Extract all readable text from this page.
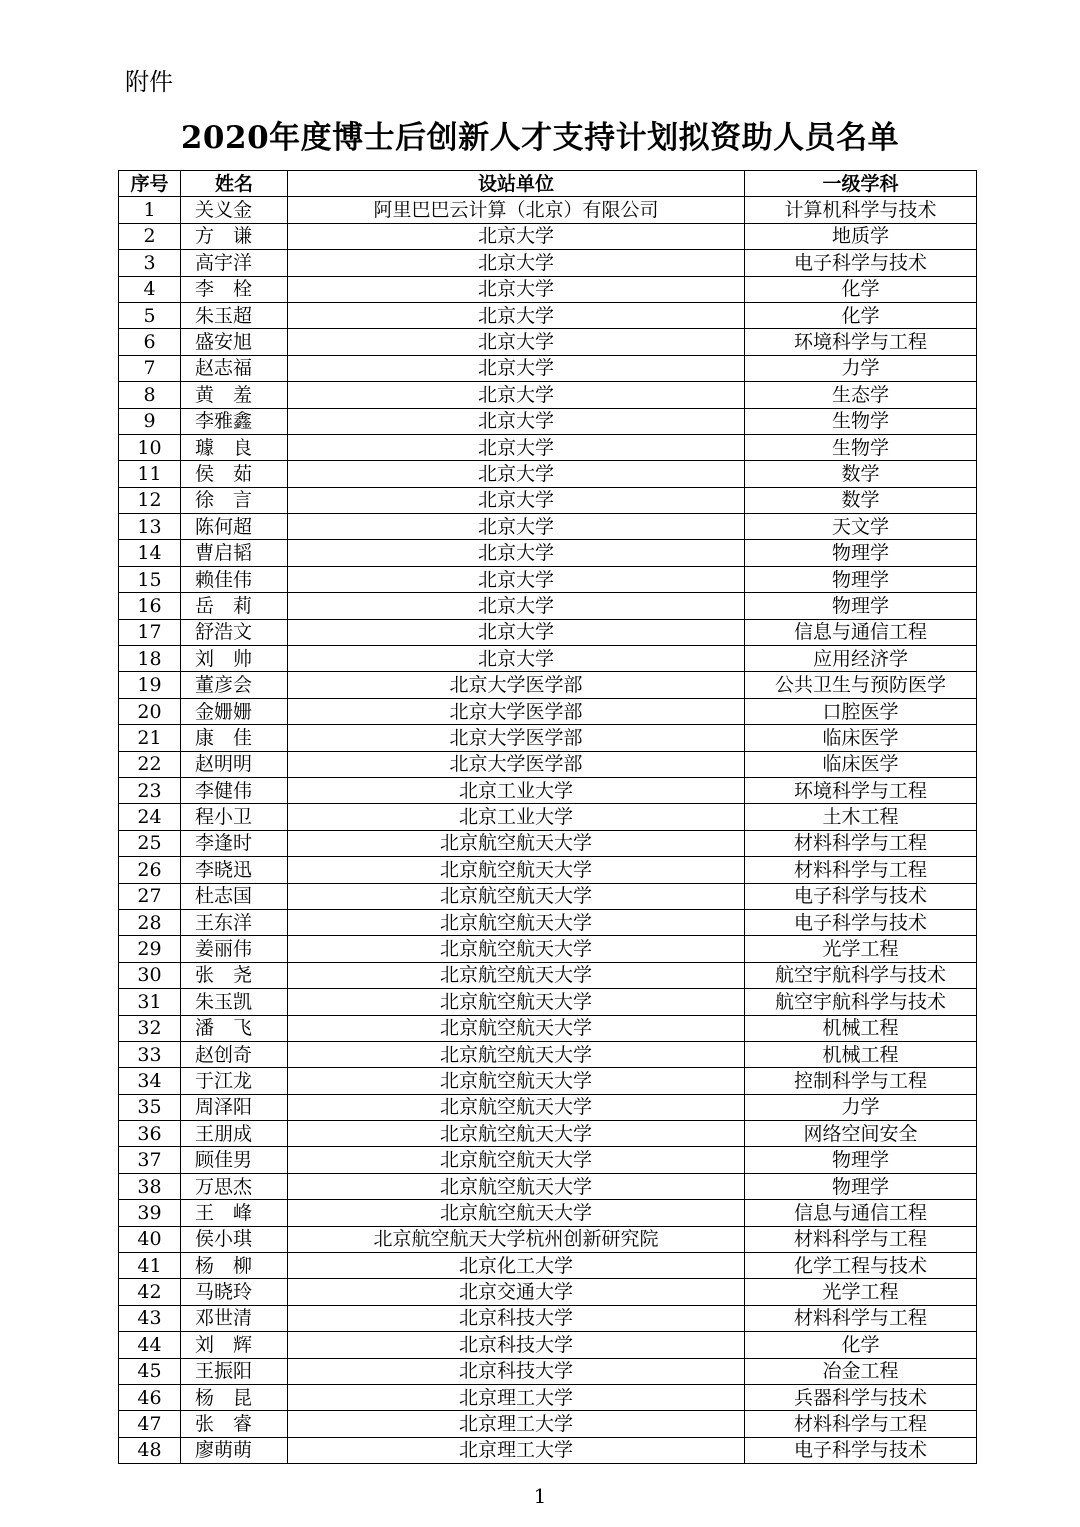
附件
2020年度博士后创新人才支持计划拟资助人员名单
序号	姓名	设站单位	一级学科
1	关义金	阿里巴巴云计算（北京）有限公司	计算机科学与技术
2	方　谦	北京大学	地质学
3	高宇洋	北京大学	电子科学与技术
4	李　栓	北京大学	化学
5	朱玉超	北京大学	化学
6	盛安旭	北京大学	环境科学与工程
7	赵志福	北京大学	力学
8	黄　羞	北京大学	生态学
9	李雅鑫	北京大学	生物学
10	璩　良	北京大学	生物学
11	侯　茹	北京大学	数学
12	徐　言	北京大学	数学
13	陈何超	北京大学	天文学
14	曹启韬	北京大学	物理学
15	赖佳伟	北京大学	物理学
16	岳　莉	北京大学	物理学
17	舒浩文	北京大学	信息与通信工程
18	刘　帅	北京大学	应用经济学
19	董彦会	北京大学医学部	公共卫生与预防医学
20	金姗姗	北京大学医学部	口腔医学
21	康　佳	北京大学医学部	临床医学
22	赵明明	北京大学医学部	临床医学
23	李健伟	北京工业大学	环境科学与工程
24	程小卫	北京工业大学	土木工程
25	李逢时	北京航空航天大学	材料科学与工程
26	李晓迅	北京航空航天大学	材料科学与工程
27	杜志国	北京航空航天大学	电子科学与技术
28	王东洋	北京航空航天大学	电子科学与技术
29	姜丽伟	北京航空航天大学	光学工程
30	张　尧	北京航空航天大学	航空宇航科学与技术
31	朱玉凯	北京航空航天大学	航空宇航科学与技术
32	潘　飞	北京航空航天大学	机械工程
33	赵创奇	北京航空航天大学	机械工程
34	于江龙	北京航空航天大学	控制科学与工程
35	周泽阳	北京航空航天大学	力学
36	王朋成	北京航空航天大学	网络空间安全
37	顾佳男	北京航空航天大学	物理学
38	万思杰	北京航空航天大学	物理学
39	王　峰	北京航空航天大学	信息与通信工程
40	侯小琪	北京航空航天大学杭州创新研究院	材料科学与工程
41	杨　柳	北京化工大学	化学工程与技术
42	马晓玲	北京交通大学	光学工程
43	邓世清	北京科技大学	材料科学与工程
44	刘　辉	北京科技大学	化学
45	王振阳	北京科技大学	冶金工程
46	杨　昆	北京理工大学	兵器科学与技术
47	张　睿	北京理工大学	材料科学与工程
48	廖萌萌	北京理工大学	电子科学与技术
1
